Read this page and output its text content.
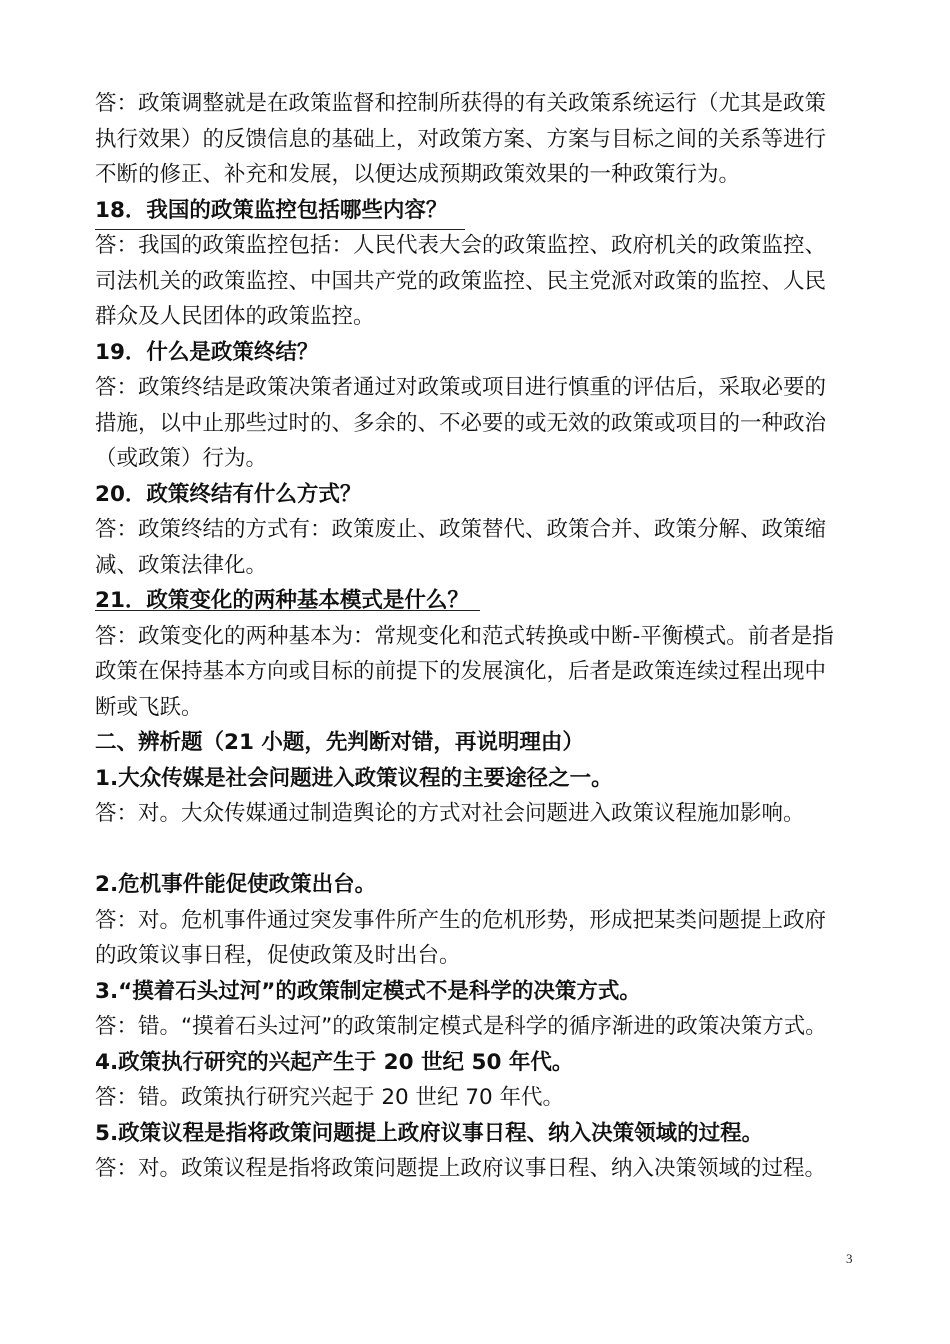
答：政策调整就是在政策监督和控制所获得的有关政策系统运行（尤其是政策
执行效果）的反馈信息的基础上，对政策方案、方案与目标之间的关系等进行
不断的修正、补充和发展，以便达成预期政策效果的一种政策行为。
18．我国的政策监控包括哪些内容？
答：我国的政策监控包括：人民代表大会的政策监控、政府机关的政策监控、
司法机关的政策监控、中国共产党的政策监控、民主党派对政策的监控、人民
群众及人民团体的政策监控。
19．什么是政策终结？
答：政策终结是政策决策者通过对政策或项目进行慎重的评估后，采取必要的
措施，以中止那些过时的、多余的、不必要的或无效的政策或项目的一种政治
（或政策）行为。
20．政策终结有什么方式？
答：政策终结的方式有：政策废止、政策替代、政策合并、政策分解、政策缩
减、政策法律化。
21．政策变化的两种基本模式是什么？
答：政策变化的两种基本为：常规变化和范式转换或中断-平衡模式。前者是指
政策在保持基本方向或目标的前提下的发展演化，后者是政策连续过程出现中
断或飞跃。
二、辨析题（21 小题，先判断对错，再说明理由）
1.大众传媒是社会问题进入政策议程的主要途径之一。
答：对。大众传媒通过制造舆论的方式对社会问题进入政策议程施加影响。
2.危机事件能促使政策出台。
答：对。危机事件通过突发事件所产生的危机形势，形成把某类问题提上政府
的政策议事日程，促使政策及时出台。
3.“摸着石头过河”的政策制定模式不是科学的决策方式。
答：错。“摸着石头过河”的政策制定模式是科学的循序渐进的政策决策方式。
4.政策执行研究的兴起产生于 20 世纪 50 年代。
答：错。政策执行研究兴起于 20 世纪 70 年代。
5.政策议程是指将政策问题提上政府议事日程、纳入决策领域的过程。
答：对。政策议程是指将政策问题提上政府议事日程、纳入决策领域的过程。
3
